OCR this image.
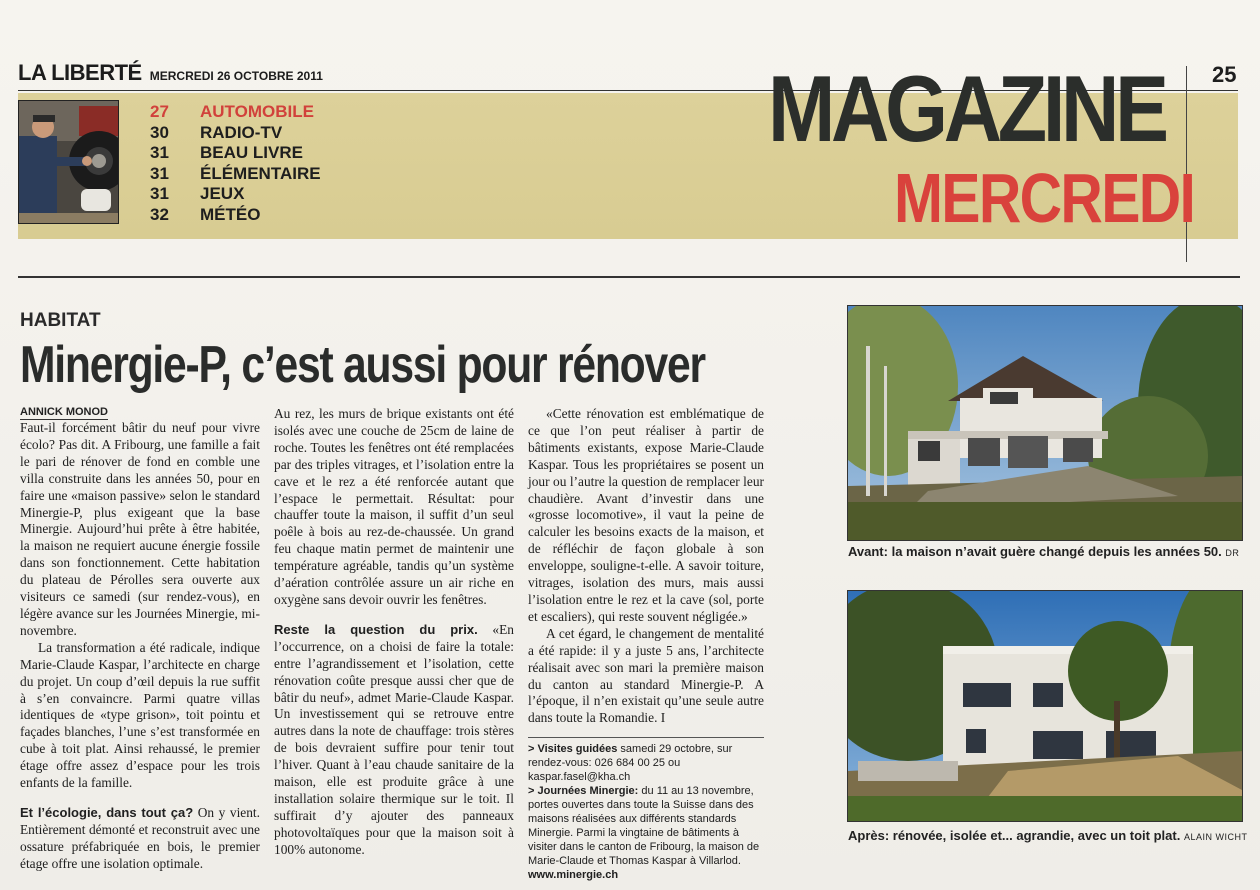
LA LIBERTÉ MERCREDI 26 OCTOBRE 2011	25
27	AUTOMOBILE
30	RADIO-TV
31	BEAU LIVRE
31	ÉLÉMENTAIRE
31	JEUX
32	MÉTÉO
MAGAZINE
MERCREDI
HABITAT
Minergie-P, c’est aussi pour rénover
ANNICK MONOD

Faut-il forcément bâtir du neuf pour vivre écolo? Pas dit. A Fribourg, une famille a fait le pari de rénover de fond en comble une villa construite dans les années 50, pour en faire une «maison passive» selon le standard Minergie-P, plus exigeant que la base Minergie. Aujourd’hui prête à être habitée, la maison ne requiert aucune énergie fossile dans son fonctionnement. Cette habitation du plateau de Pérolles sera ouverte aux visiteurs ce samedi (sur rendez-vous), en légère avance sur les Journées Minergie, mi-novembre.

La transformation a été radicale, indique Marie-Claude Kaspar, l’architecte en charge du projet. Un coup d’œil depuis la rue suffit à s’en convaincre. Parmi quatre villas identiques de «type grison», toit pointu et façades blanches, l’une s’est transformée en cube à toit plat. Ainsi rehaussé, le premier étage offre assez d’espace pour les trois enfants de la famille.

Et l’écologie, dans tout ça? On y vient. Entièrement démonté et reconstruit avec une ossature préfabriquée en bois, le premier étage offre une isolation optimale.

Au rez, les murs de brique existants ont été isolés avec une couche de 25cm de laine de roche. Toutes les fenêtres ont été remplacées par des triples vitrages, et l’isolation entre la cave et le rez a été renforcée autant que l’espace le permettait. Résultat: pour chauffer toute la maison, il suffit d’un seul poêle à bois au rez-de-chaussée. Un grand feu chaque matin permet de maintenir une température agréable, tandis qu’un système d’aération contrôlée assure un air riche en oxygène sans devoir ouvrir les fenêtres.

Reste la question du prix. «En l’occurrence, on a choisi de faire la totale: entre l’agrandissement et l’isolation, cette rénovation coûte presque aussi cher que de bâtir du neuf», admet Marie-Claude Kaspar. Un investissement qui se retrouve entre autres dans la note de chauffage: trois stères de bois devraient suffire pour tenir tout l’hiver. Quant à l’eau chaude sanitaire de la maison, elle est produite grâce à une installation solaire thermique sur le toit. Il suffirait d’y ajouter des panneaux photovoltaïques pour que la maison soit à 100% autonome.

«Cette rénovation est emblématique de ce que l’on peut réaliser à partir de bâtiments existants, expose Marie-Claude Kaspar. Tous les propriétaires se posent un jour ou l’autre la question de remplacer leur chaudière. Avant d’investir dans une «grosse locomotive», il vaut la peine de calculer les besoins exacts de la maison, et de réfléchir de façon globale à son enveloppe, souligne-t-elle. A savoir toiture, vitrages, isolation des murs, mais aussi l’isolation entre le rez et la cave (sol, porte et escaliers), qui reste souvent négligée.»

A cet égard, le changement de mentalité a été rapide: il y a juste 5 ans, l’architecte réalisait avec son mari la première maison du canton au standard Minergie-P. A l’époque, il n’en existait qu’une seule autre dans toute la Romandie. I

> Visites guidées samedi 29 octobre, sur rendez-vous: 026 684 00 25 ou kaspar.fasel@kha.ch
> Journées Minergie: du 11 au 13 novembre, portes ouvertes dans toute la Suisse dans des maisons réalisées aux différents standards Minergie. Parmi la vingtaine de bâtiments à visiter dans le canton de Fribourg, la maison de Marie-Claude et Thomas Kaspar à Villarlod. www.minergie.ch
Avant: la maison n’avait guère changé depuis les années 50. DR
Après: rénovée, isolée et... agrandie, avec un toit plat. ALAIN WICHT
